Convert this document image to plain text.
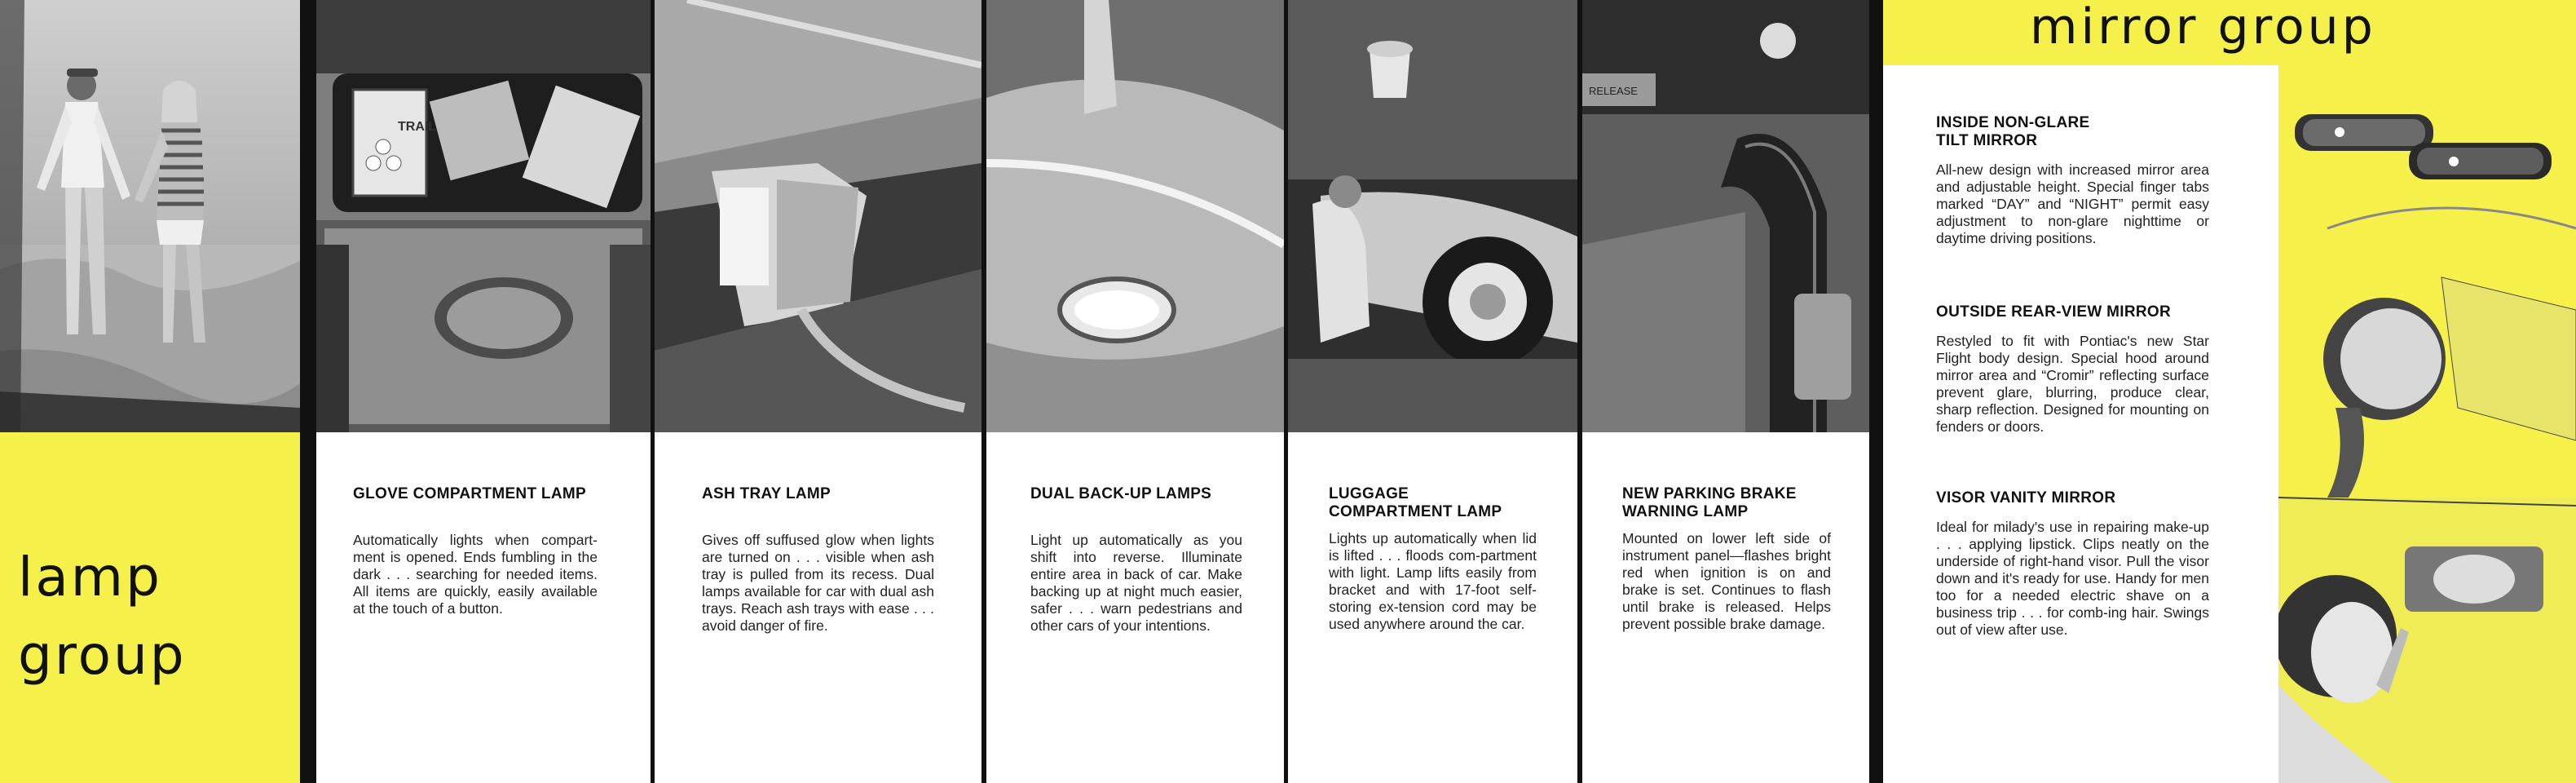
lamp
group
TRAIL
GLOVE COMPARTMENT LAMP
Automatically lights when compart-ment is opened. Ends fumbling in the dark . . . searching for needed items. All items are quickly, easily available at the touch of a button.
ASH TRAY LAMP
Gives off suffused glow when lights are turned on . . . visible when ash tray is pulled from its recess. Dual lamps available for car with dual ash trays. Reach ash trays with ease . . . avoid danger of fire.
DUAL BACK-UP LAMPS
Light up automatically as you shift into reverse. Illuminate entire area in back of car. Make backing up at night much easier, safer . . . warn pedestrians and other cars of your intentions.
LUGGAGE
COMPARTMENT LAMP
Lights up automatically when lid is lifted . . . floods com-partment with light. Lamp lifts easily from bracket and with 17-foot self-storing ex-tension cord may be used anywhere around the car.
RELEASE
NEW PARKING BRAKE
WARNING LAMP
Mounted on lower left side of instrument panel—flashes bright red when ignition is on and brake is set. Continues to flash until brake is released. Helps prevent possible brake damage.
mirror group
INSIDE NON-GLARE
TILT MIRROR
All-new design with increased mirror area and adjustable height. Special finger tabs marked “DAY” and “NIGHT” permit easy adjustment to non-glare nighttime or daytime driving positions.
OUTSIDE REAR-VIEW MIRROR
Restyled to fit with Pontiac's new Star Flight body design. Special hood around mirror area and “Cromir” reflecting surface prevent glare, blurring, produce clear, sharp reflection. Designed for mounting on fenders or doors.
VISOR VANITY MIRROR
Ideal for milady's use in repairing make-up . . . applying lipstick. Clips neatly on the underside of right-hand visor. Pull the visor down and it's ready for use. Handy for men too for a needed electric shave on a business trip . . . for comb-ing hair. Swings out of view after use.
